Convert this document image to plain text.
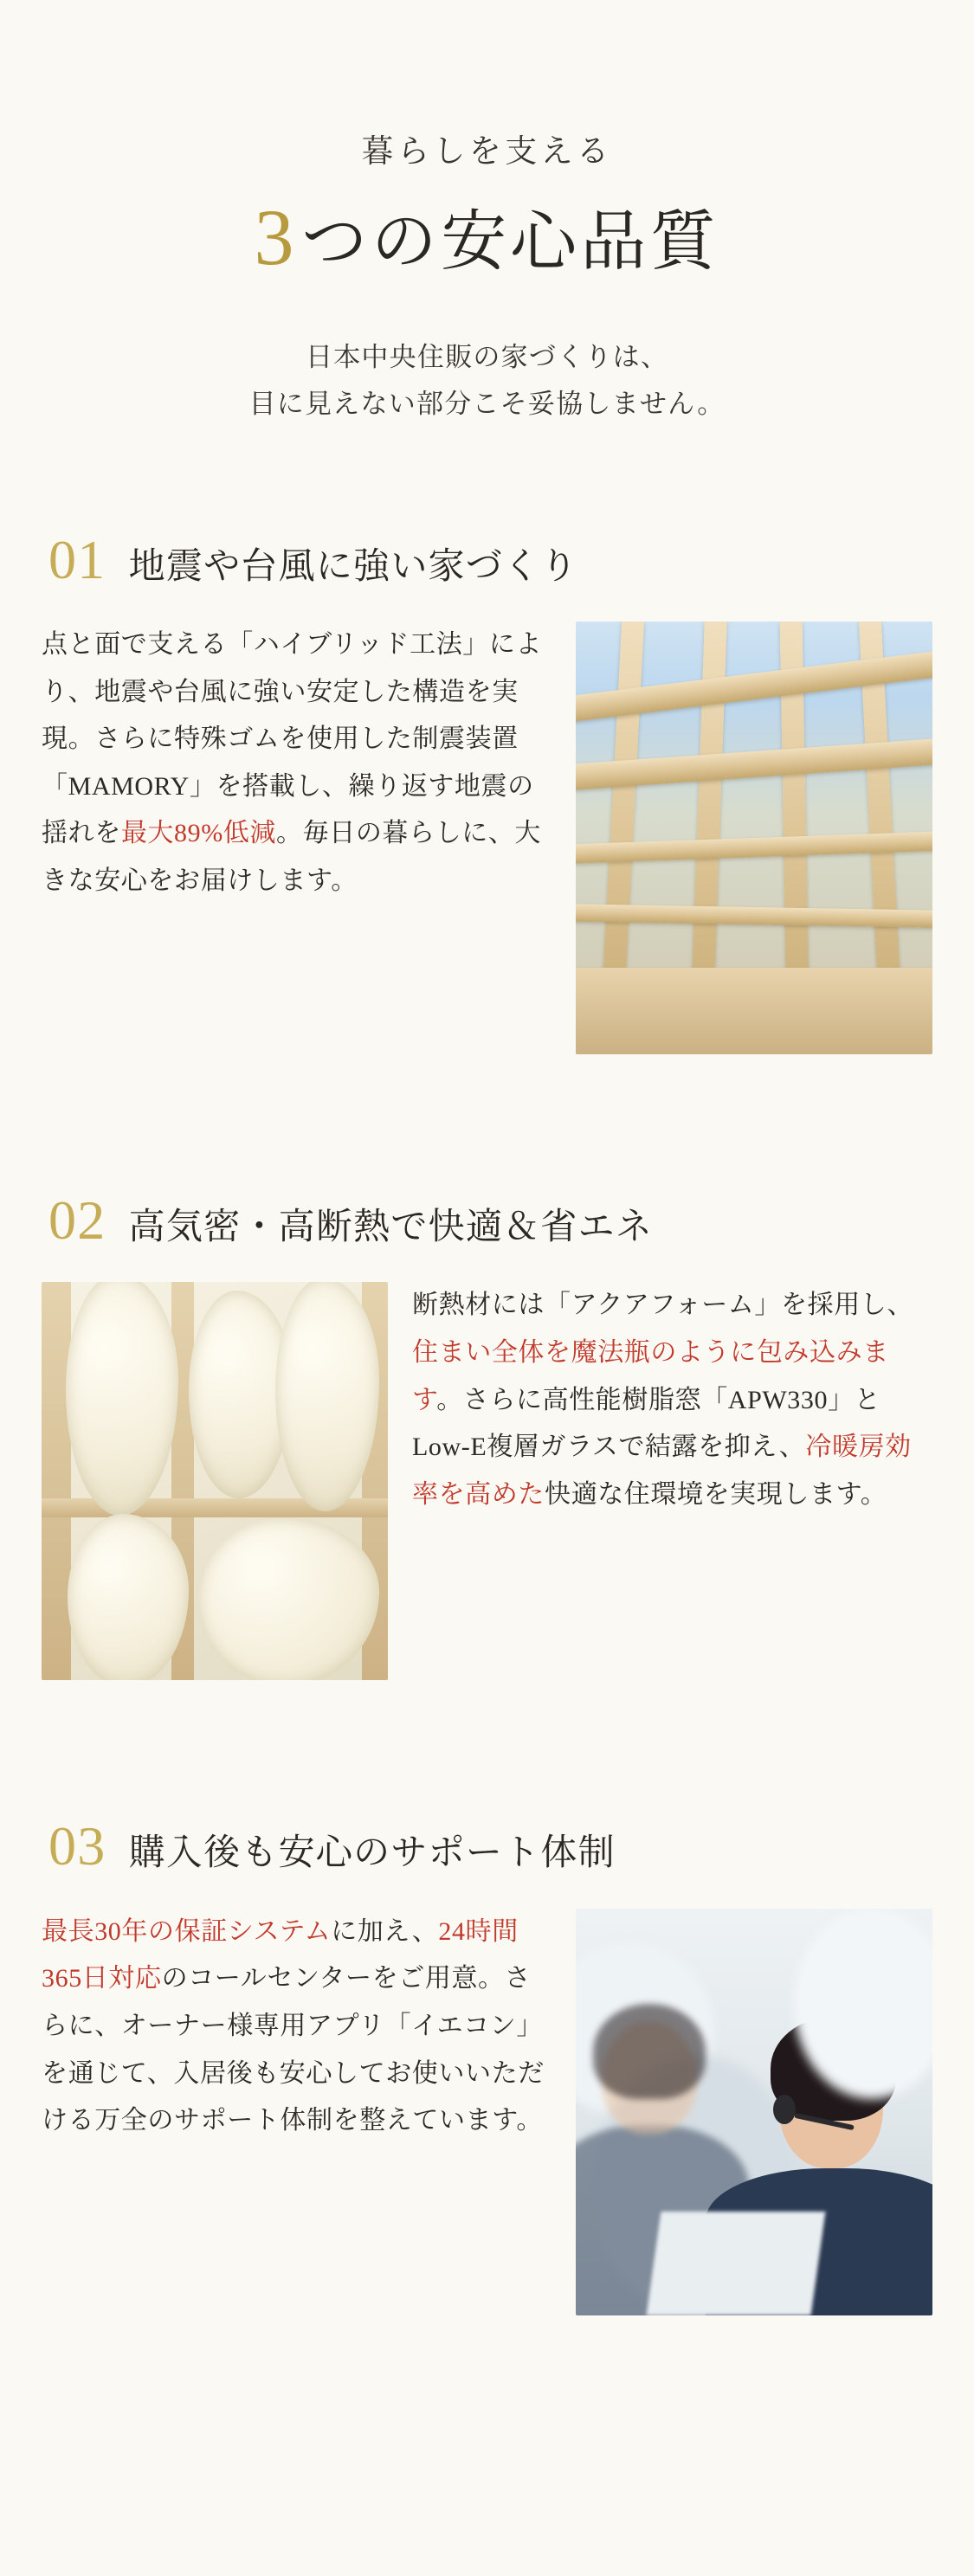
暮らしを支える
3 つの安心品質
日本中央住販の家づくりは、
目に見えない部分こそ妥協しません。
01 地震や台風に強い家づくり
点と面で支える「ハイブリッド工法」により、地震や台風に強い安定した構造を実現。さらに特殊ゴムを使用した制震装置「MAMORY」を搭載し、繰り返す地震の揺れを最大89%低減。毎日の暮らしに、大きな安心をお届けします。
02 高気密・高断熱で快適＆省エネ
断熱材には「アクアフォーム」を採用し、住まい全体を魔法瓶のように包み込みます。さらに高性能樹脂窓「APW330」とLow-E複層ガラスで結露を抑え、冷暖房効率を高めた快適な住環境を実現します。
03 購入後も安心のサポート体制
最長30年の保証システムに加え、24時間365日対応のコールセンターをご用意。さらに、オーナー様専用アプリ「イエコン」を通じて、入居後も安心してお使いいただける万全のサポート体制を整えています。
